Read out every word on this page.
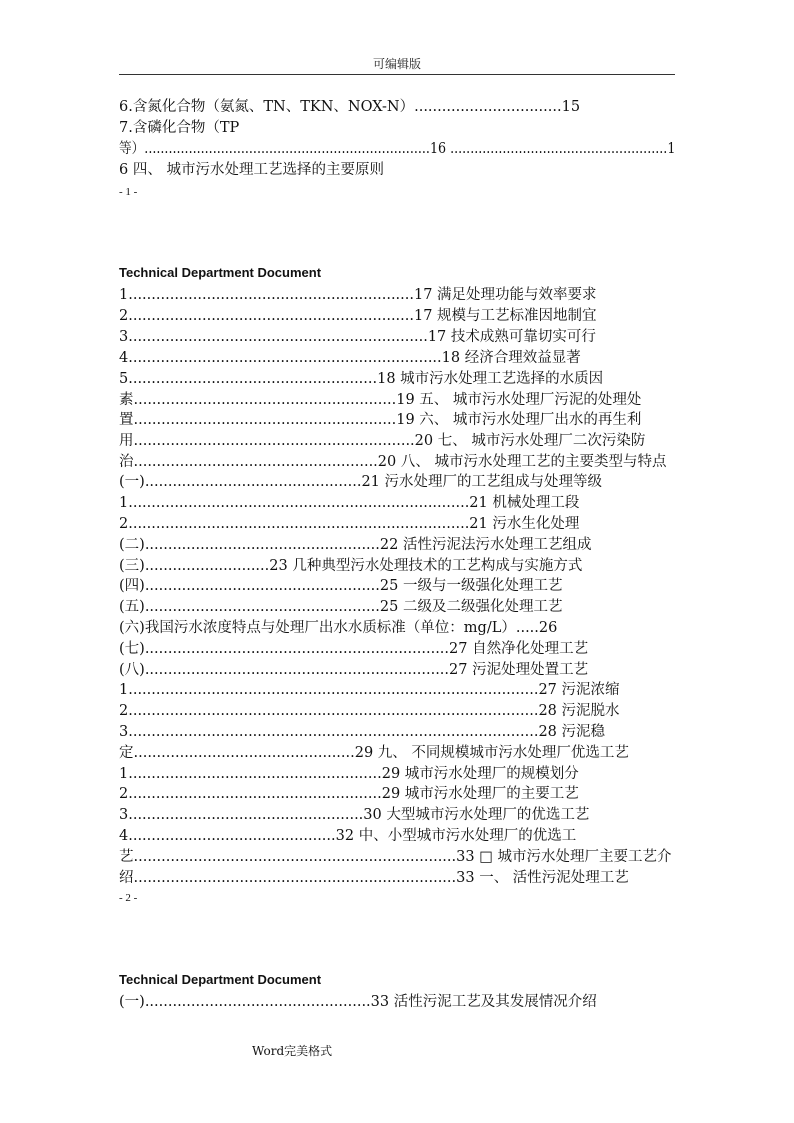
可编辑版
6.含氮化合物（氨氮、TN、TKN、NOX-N）................................15
7.含磷化合物（TP
等）.......................................................................16 ......................................................1
6 四、 城市污水处理工艺选择的主要原则
- 1 -
Technical Department Document
1..............................................................17 满足处理功能与效率要求
2..............................................................17 规模与工艺标准因地制宜
3.................................................................17 技术成熟可靠切实可行
4....................................................................18 经济合理效益显著
5......................................................18 城市污水处理工艺选择的水质因
素.........................................................19 五、 城市污水处理厂污泥的处理处
置.........................................................19 六、 城市污水处理厂出水的再生利
用.............................................................20 七、 城市污水处理厂二次污染防
治.....................................................20 八、 城市污水处理工艺的主要类型与特点
(一)...............................................21 污水处理厂的工艺组成与处理等级
1..........................................................................21 机械处理工段
2..........................................................................21 污水生化处理
(二)...................................................22 活性污泥法污水处理工艺组成
(三)...........................23 几种典型污水处理技术的工艺构成与实施方式
(四)...................................................25 一级与一级强化处理工艺
(五)...................................................25 二级及二级强化处理工艺
(六)我国污水浓度特点与处理厂出水水质标准（单位：mg/L）.....26
(七)..................................................................27 自然净化处理工艺
(八)..................................................................27 污泥处理处置工艺
1.........................................................................................27 污泥浓缩
2.........................................................................................28 污泥脱水
3.........................................................................................28 污泥稳
定................................................29 九、 不同规模城市污水处理厂优选工艺
1.......................................................29 城市污水处理厂的规模划分
2.......................................................29 城市污水处理厂的主要工艺
3...................................................30 大型城市污水处理厂的优选工艺
4.............................................32 中、小型城市污水处理厂的优选工
艺......................................................................33 □ 城市污水处理厂主要工艺介
绍......................................................................33 一、 活性污泥处理工艺
- 2 -
Technical Department Document
(一).................................................33 活性污泥工艺及其发展情况介绍
Word完美格式
